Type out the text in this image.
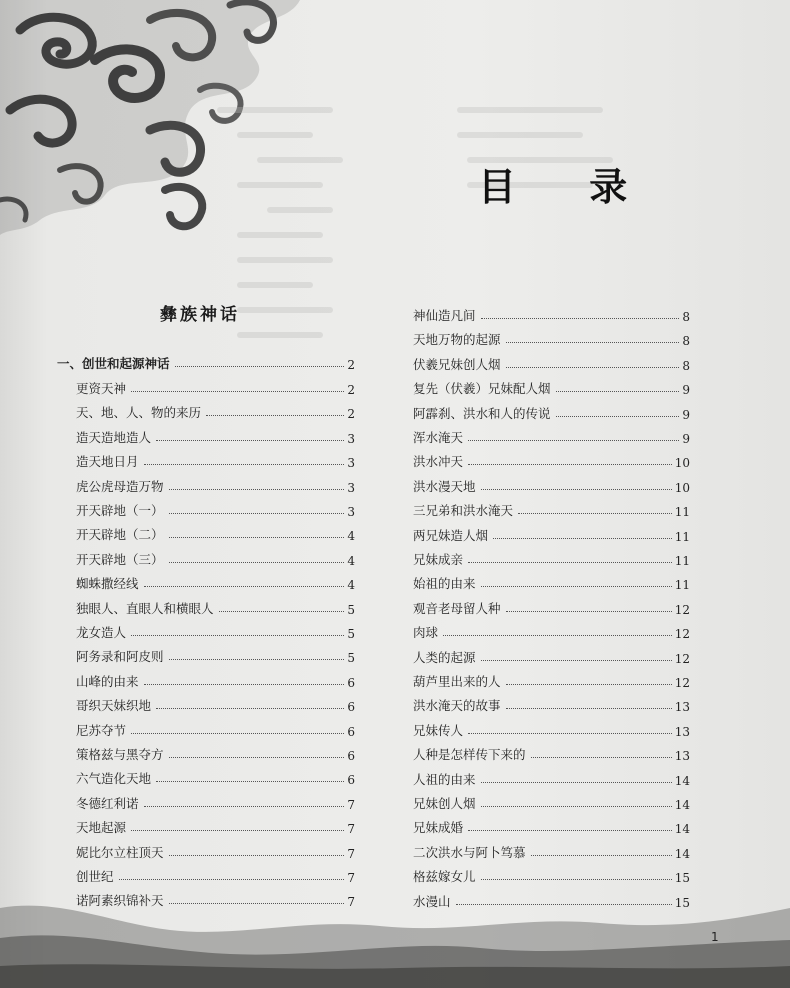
目 录
彝族神话
一、创世和起源神话	2
更资天神	2
天、地、人、物的来历	2
造天造地造人	3
造天地日月	3
虎公虎母造万物	3
开天辟地（一）	3
开天辟地（二）	4
开天辟地（三）	4
蜘蛛撒经线	4
独眼人、直眼人和横眼人	5
龙女造人	5
阿务录和阿皮则	5
山峰的由来	6
哥织天妹织地	6
尼苏夺节	6
策格兹与黑夺方	6
六气造化天地	6
冬德红利诺	7
天地起源	7
妮比尔立柱顶天	7
创世纪	7
诺阿素织锦补天	7
神仙造凡间	8
天地万物的起源	8
伏羲兄妹创人烟	8
复先（伏羲）兄妹配人烟	9
阿霹刹、洪水和人的传说	9
浑水淹天	9
洪水冲天	10
洪水漫天地	10
三兄弟和洪水淹天	11
两兄妹造人烟	11
兄妹成亲	11
始祖的由来	11
观音老母留人种	12
肉球	12
人类的起源	12
葫芦里出来的人	12
洪水淹天的故事	13
兄妹传人	13
人种是怎样传下来的	13
人祖的由来	14
兄妹创人烟	14
兄妹成婚	14
二次洪水与阿卜笃慕	14
格兹嫁女儿	15
水漫山	15
1
